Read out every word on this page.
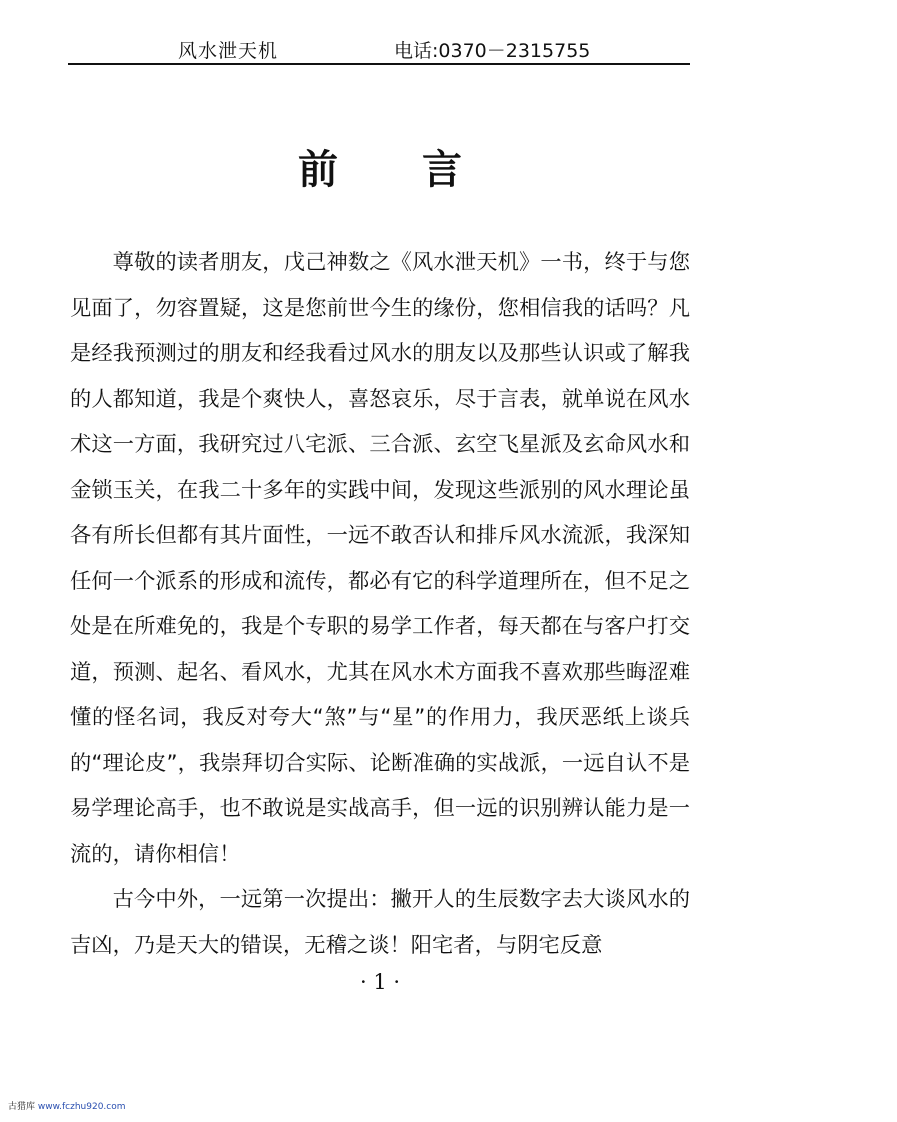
风水泄天机	电话:0370－2315755
前言

尊敬的读者朋友，戊己神数之《风水泄天机》一书，终于与您见面了，勿容置疑，这是您前世今生的缘份，您相信我的话吗？凡是经我预测过的朋友和经我看过风水的朋友以及那些认识或了解我的人都知道，我是个爽快人，喜怒哀乐，尽于言表，就单说在风水术这一方面，我研究过八宅派、三合派、玄空飞星派及玄命风水和金锁玉关，在我二十多年的实践中间，发现这些派别的风水理论虽各有所长但都有其片面性，一远不敢否认和排斥风水流派，我深知任何一个派系的形成和流传，都必有它的科学道理所在，但不足之处是在所难免的，我是个专职的易学工作者，每天都在与客户打交道，预测、起名、看风水，尤其在风水术方面我不喜欢那些晦涩难懂的怪名词，我反对夸大“煞”与“星”的作用力，我厌恶纸上谈兵的“理论皮”，我崇拜切合实际、论断准确的实战派，一远自认不是易学理论高手，也不敢说是实战高手，但一远的识别辨认能力是一流的，请你相信！

古今中外，一远第一次提出：撇开人的生辰数字去大谈风水的吉凶，乃是天大的错误，无稽之谈！阳宅者，与阴宅反意

· 1 ·
古猎库 www.fczhu920.com
